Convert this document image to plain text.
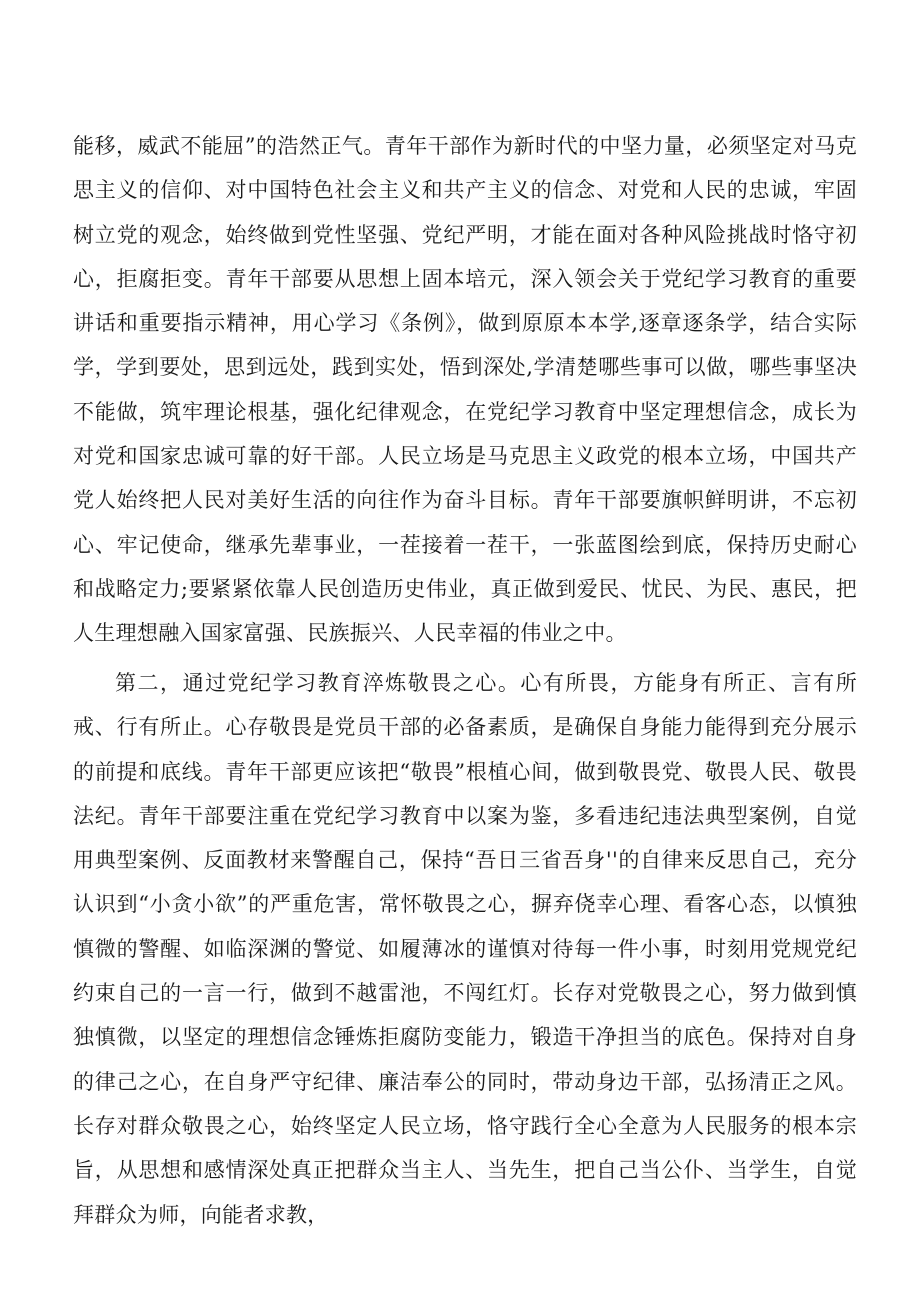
能移，威武不能屈”的浩然正气。青年干部作为新时代的中坚力量，必须坚定对马克思主义的信仰、对中国特色社会主义和共产主义的信念、对党和人民的忠诚，牢固树立党的观念，始终做到党性坚强、党纪严明，才能在面对各种风险挑战时恪守初心，拒腐拒变。青年干部要从思想上固本培元，深入领会关于党纪学习教育的重要讲话和重要指示精神，用心学习《条例》，做到原原本本学,逐章逐条学，结合实际学，学到要处，思到远处，践到实处，悟到深处,学清楚哪些事可以做，哪些事坚决不能做，筑牢理论根基，强化纪律观念，在党纪学习教育中坚定理想信念，成长为对党和国家忠诚可靠的好干部。人民立场是马克思主义政党的根本立场，中国共产党人始终把人民对美好生活的向往作为奋斗目标。青年干部要旗帜鲜明讲，不忘初心、牢记使命，继承先辈事业，一茬接着一茬干，一张蓝图绘到底，保持历史耐心和战略定力;要紧紧依靠人民创造历史伟业，真正做到爱民、忧民、为民、惠民，把人生理想融入国家富强、民族振兴、人民幸福的伟业之中。

第二，通过党纪学习教育淬炼敬畏之心。心有所畏，方能身有所正、言有所戒、行有所止。心存敬畏是党员干部的必备素质，是确保自身能力能得到充分展示的前提和底线。青年干部更应该把“敬畏”根植心间，做到敬畏党、敬畏人民、敬畏法纪。青年干部要注重在党纪学习教育中以案为鉴，多看违纪违法典型案例，自觉用典型案例、反面教材来警醒自己，保持“吾日三省吾身''的自律来反思自己，充分认识到“小贪小欲”的严重危害，常怀敬畏之心，摒弃侥幸心理、看客心态，以慎独慎微的警醒、如临深渊的警觉、如履薄冰的谨慎对待每一件小事，时刻用党规党纪约束自己的一言一行，做到不越雷池，不闯红灯。长存对党敬畏之心，努力做到慎独慎微，以坚定的理想信念锤炼拒腐防变能力，锻造干净担当的底色。保持对自身的律己之心，在自身严守纪律、廉洁奉公的同时，带动身边干部，弘扬清正之风。长存对群众敬畏之心，始终坚定人民立场，恪守践行全心全意为人民服务的根本宗旨，从思想和感情深处真正把群众当主人、当先生，把自己当公仆、当学生，自觉拜群众为师，向能者求教，
